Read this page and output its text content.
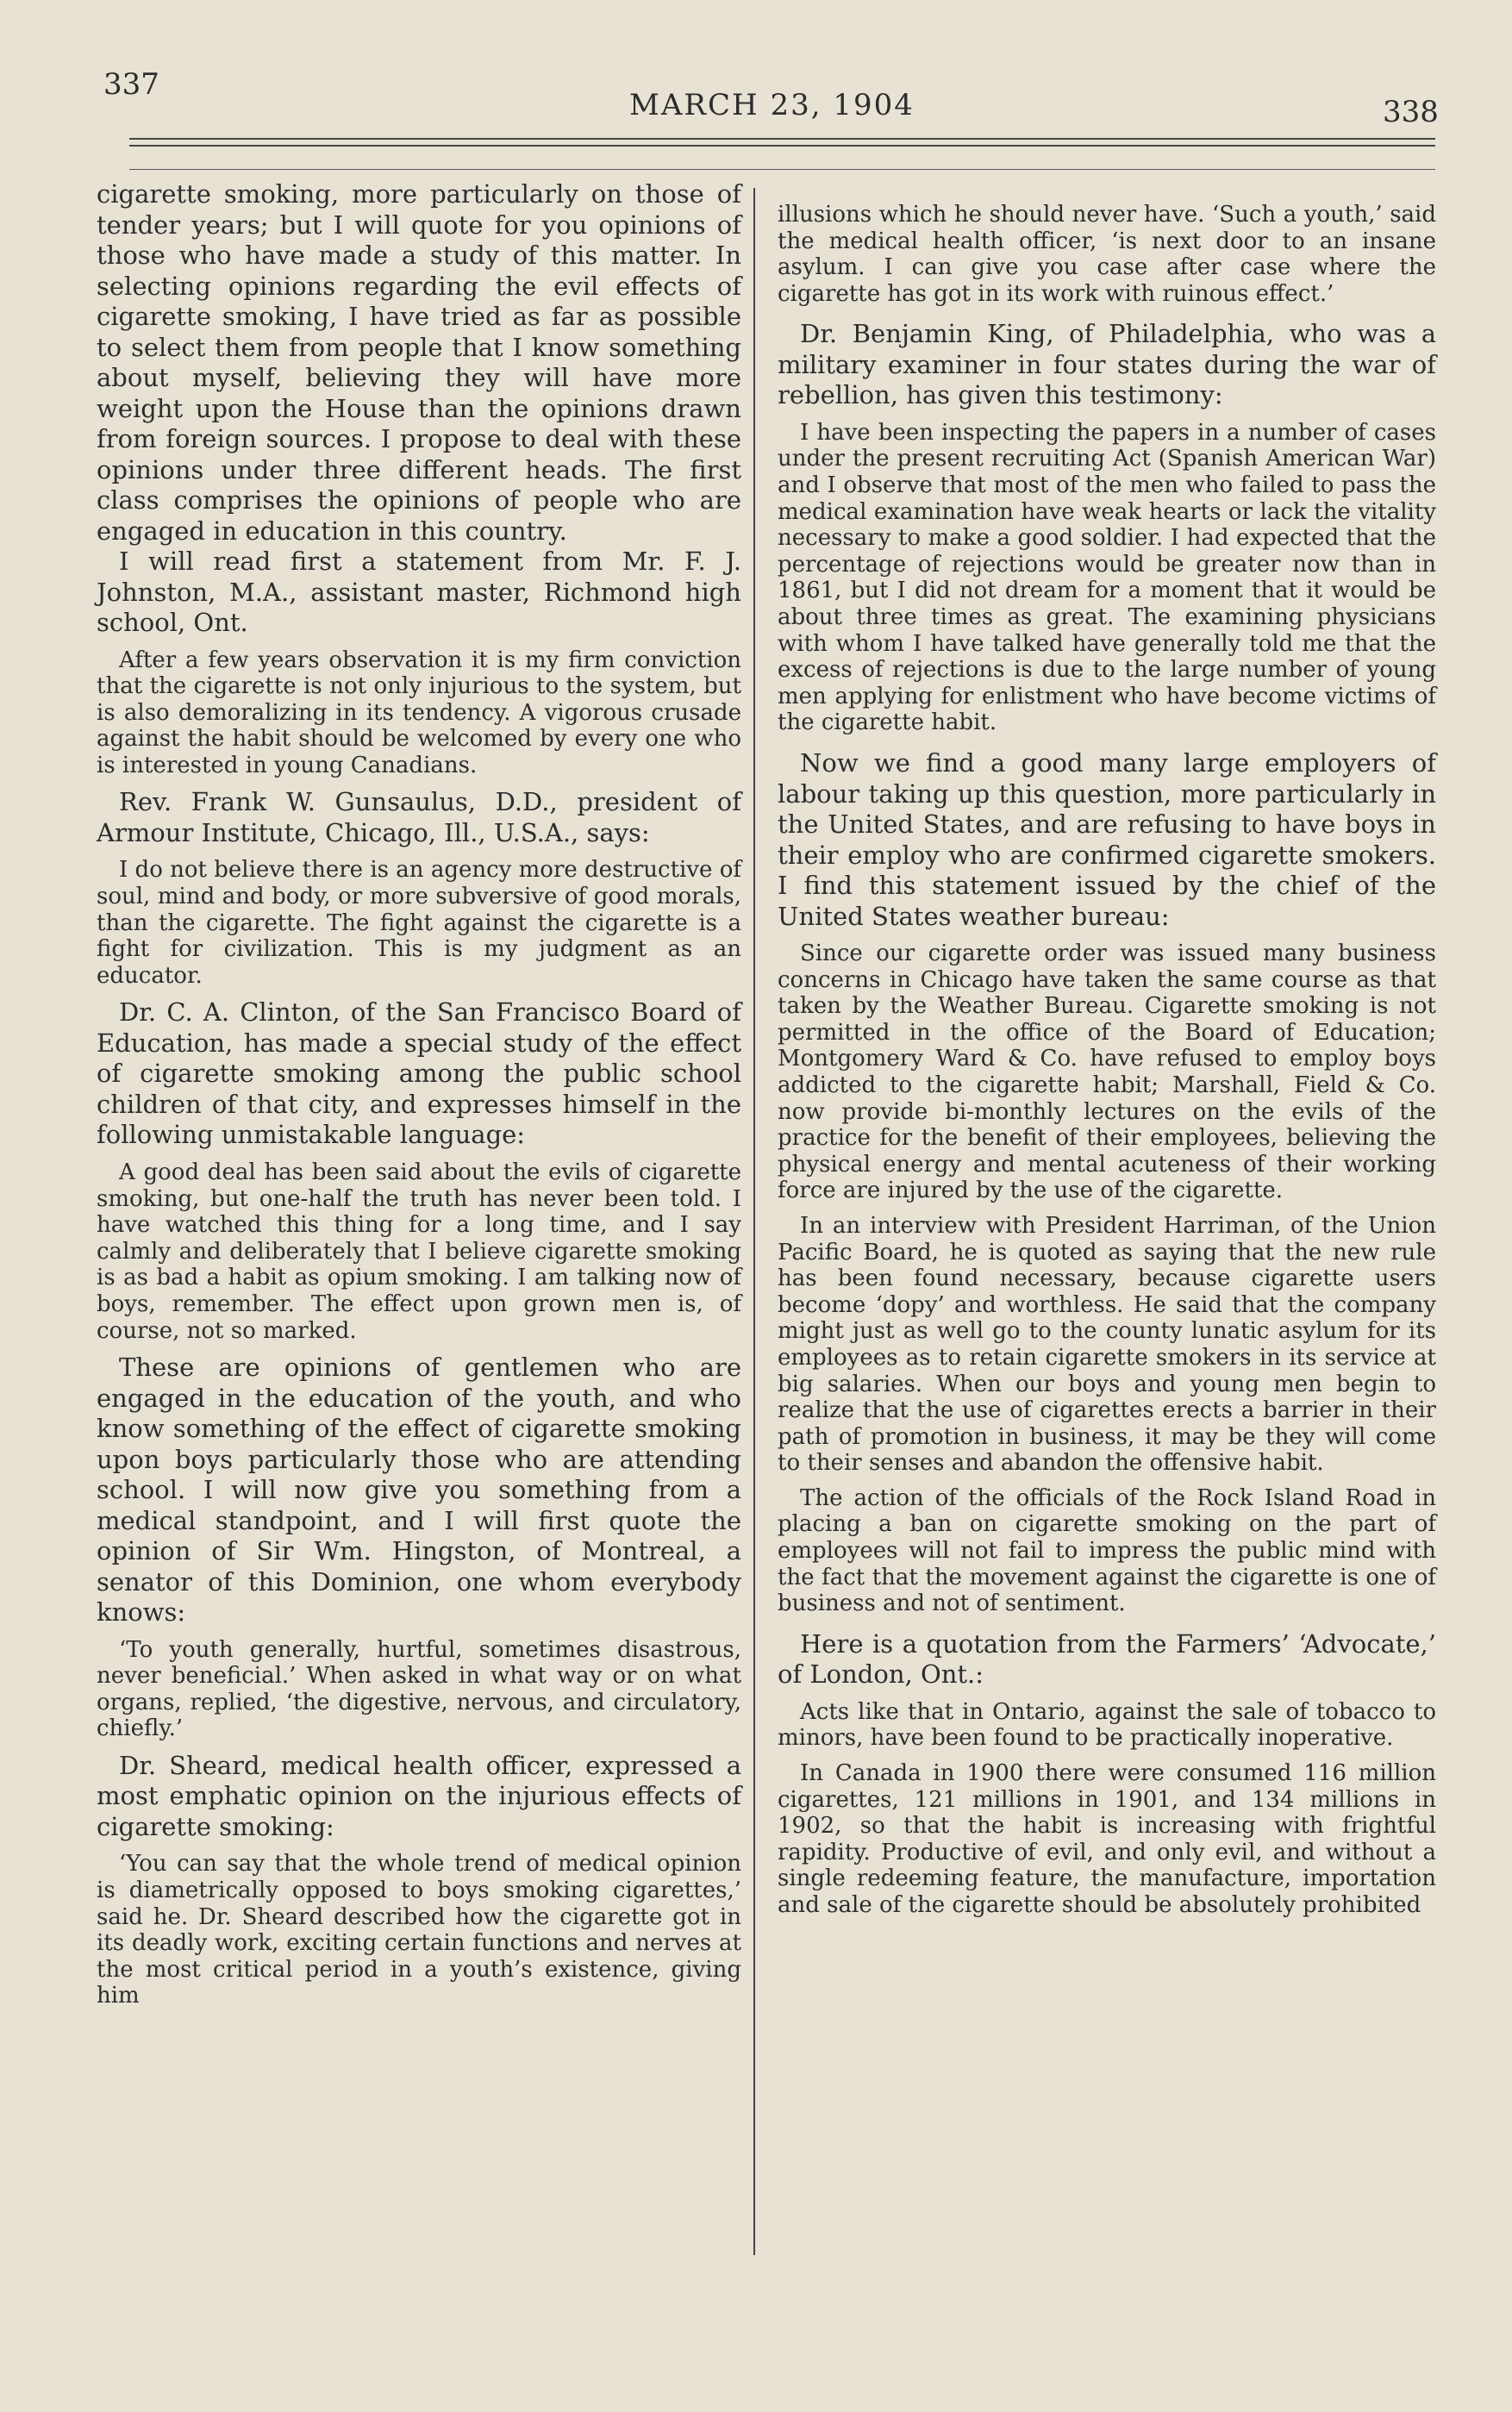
337
MARCH 23, 1904	338

cigarette smoking, more particularly on those of tender years; but I will quote for you opinions of those who have made a study of this matter. In selecting opinions regarding the evil effects of cigarette smoking, I have tried as far as possible to select them from people that I know something about myself, believing they will have more weight upon the House than the opinions drawn from foreign sources. I propose to deal with these opinions under three different heads. The first class comprises the opinions of people who are engaged in education in this country.

I will read first a statement from Mr. F. J. Johnston, M.A., assistant master, Richmond high school, Ont.

After a few years observation it is my firm conviction that the cigarette is not only injurious to the system, but is also demoralizing in its tendency. A vigorous crusade against the habit should be welcomed by every one who is interested in young Canadians.

Rev. Frank W. Gunsaulus, D.D., president of Armour Institute, Chicago, Ill., U.S.A., says:

I do not believe there is an agency more destructive of soul, mind and body, or more subversive of good morals, than the cigarette. The fight against the cigarette is a fight for civilization. This is my judgment as an educator.

Dr. C. A. Clinton, of the San Francisco Board of Education, has made a special study of the effect of cigarette smoking among the public school children of that city, and expresses himself in the following unmistakable language:

A good deal has been said about the evils of cigarette smoking, but one-half the truth has never been told. I have watched this thing for a long time, and I say calmly and deliberately that I believe cigarette smoking is as bad a habit as opium smoking. I am talking now of boys, remember. The effect upon grown men is, of course, not so marked.

These are opinions of gentlemen who are engaged in the education of the youth, and who know something of the effect of cigarette smoking upon boys particularly those who are attending school. I will now give you something from a medical standpoint, and I will first quote the opinion of Sir Wm. Hingston, of Montreal, a senator of this Dominion, one whom everybody knows:

‘To youth generally, hurtful, sometimes disastrous, never beneficial.’ When asked in what way or on what organs, replied, ‘the digestive, nervous, and circulatory, chiefly.’

Dr. Sheard, medical health officer, expressed a most emphatic opinion on the injurious effects of cigarette smoking:

‘You can say that the whole trend of medical opinion is diametrically opposed to boys smoking cigarettes,’ said he. Dr. Sheard described how the cigarette got in its deadly work, exciting certain functions and nerves at the most critical period in a youth’s existence, giving him

illusions which he should never have. ‘Such a youth,’ said the medical health officer, ‘is next door to an insane asylum. I can give you case after case where the cigarette has got in its work with ruinous effect.’

Dr. Benjamin King, of Philadelphia, who was a military examiner in four states during the war of rebellion, has given this testimony:

I have been inspecting the papers in a number of cases under the present recruiting Act (Spanish American War) and I observe that most of the men who failed to pass the medical examination have weak hearts or lack the vitality necessary to make a good soldier. I had expected that the percentage of rejections would be greater now than in 1861, but I did not dream for a moment that it would be about three times as great. The examining physicians with whom I have talked have generally told me that the excess of rejections is due to the large number of young men applying for enlistment who have become victims of the cigarette habit.

Now we find a good many large employers of labour taking up this question, more particularly in the United States, and are refusing to have boys in their employ who are confirmed cigarette smokers. I find this statement issued by the chief of the United States weather bureau:

Since our cigarette order was issued many business concerns in Chicago have taken the same course as that taken by the Weather Bureau. Cigarette smoking is not permitted in the office of the Board of Education; Montgomery Ward & Co. have refused to employ boys addicted to the cigarette habit; Marshall, Field & Co. now provide bi-monthly lectures on the evils of the practice for the benefit of their employees, believing the physical energy and mental acuteness of their working force are injured by the use of the cigarette.

In an interview with President Harriman, of the Union Pacific Board, he is quoted as saying that the new rule has been found necessary, because cigarette users become ‘dopy’ and worthless. He said that the company might just as well go to the county lunatic asylum for its employees as to retain cigarette smokers in its service at big salaries. When our boys and young men begin to realize that the use of cigarettes erects a barrier in their path of promotion in business, it may be they will come to their senses and abandon the offensive habit.

The action of the officials of the Rock Island Road in placing a ban on cigarette smoking on the part of employees will not fail to impress the public mind with the fact that the movement against the cigarette is one of business and not of sentiment.

Here is a quotation from the Farmers’ ‘Advocate,’ of London, Ont.:

Acts like that in Ontario, against the sale of tobacco to minors, have been found to be practically inoperative.

In Canada in 1900 there were consumed 116 million cigarettes, 121 millions in 1901, and 134 millions in 1902, so that the habit is increasing with frightful rapidity. Productive of evil, and only evil, and without a single redeeming feature, the manufacture, importation and sale of the cigarette should be absolutely prohibited
